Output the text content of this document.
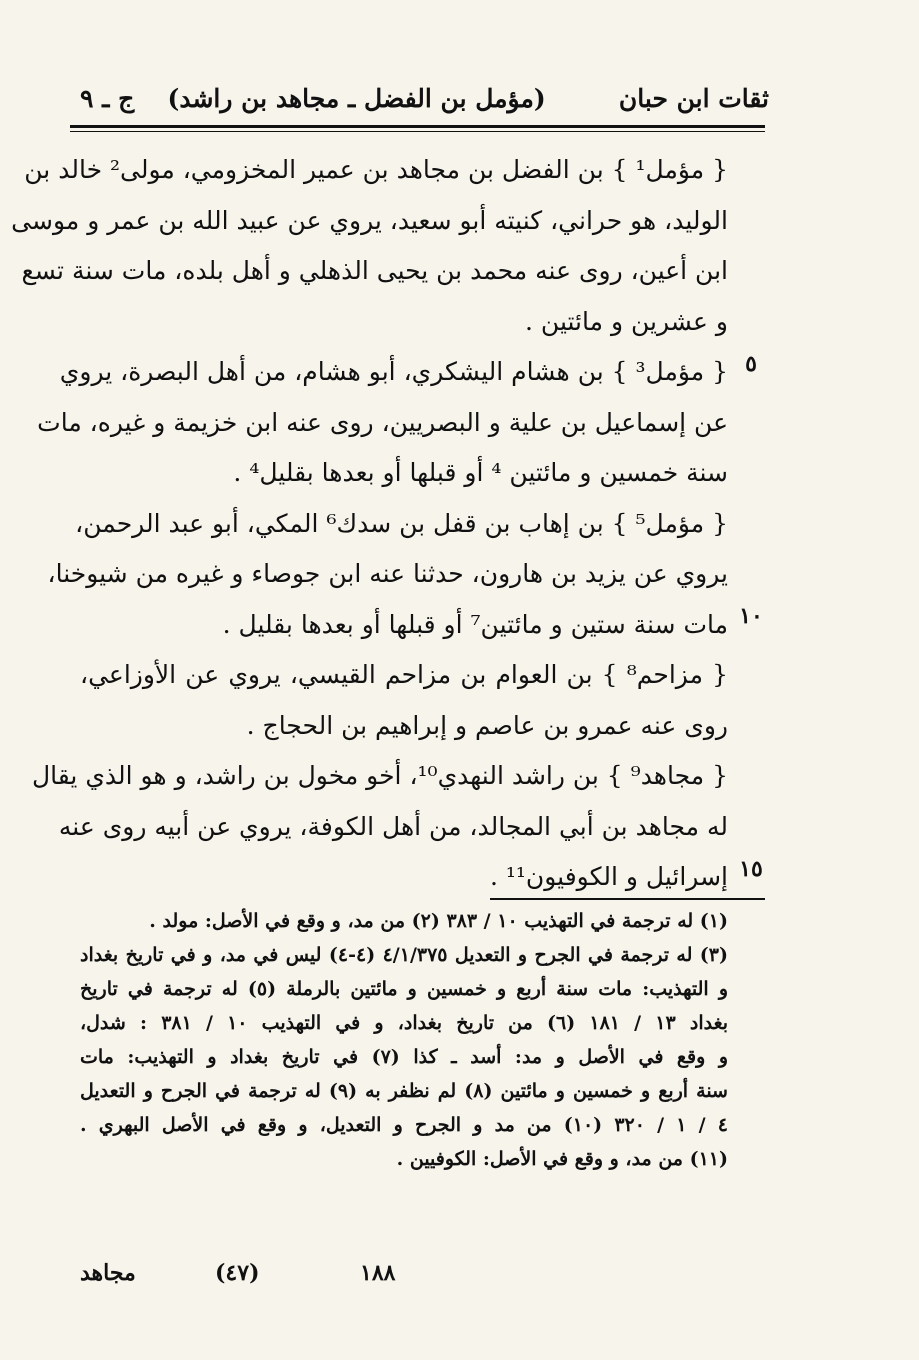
ثقات ابن حبان
(مؤمل بن الفضل ـ مجاهد بن راشد)
ج ـ ٩
٥
١٠
١٥
{ مؤمل¹ } بن الفضل بن مجاهد بن عمير المخزومي، مولى² خالد بن
الوليد، هو حراني، كنيته أبو سعيد، يروي عن عبيد الله بن عمر و موسى
ابن أعين، روى عنه محمد بن يحيى الذهلي و أهل بلده، مات سنة تسع
و عشرين و مائتين .
{ مؤمل³ } بن هشام اليشكري، أبو هشام، من أهل البصرة، يروي
عن إسماعيل بن علية و البصريين، روى عنه ابن خزيمة و غيره، مات
سنة خمسين و مائتين ⁴ أو قبلها أو بعدها بقليل⁴ .
{ مؤمل⁵ } بن إهاب بن قفل بن سدك⁶ المكي، أبو عبد الرحمن،
يروي عن يزيد بن هارون، حدثنا عنه ابن جوصاء و غيره من شيوخنا،
مات سنة ستين و مائتين⁷ أو قبلها أو بعدها بقليل .
{ مزاحم⁸ } بن العوام بن مزاحم القيسي، يروي عن الأوزاعي،
روى عنه عمرو بن عاصم و إبراهيم بن الحجاج .
{ مجاهد⁹ } بن راشد النهدي¹⁰، أخو مخول بن راشد، و هو الذي يقال
له مجاهد بن أبي المجالد، من أهل الكوفة، يروي عن أبيه روى عنه
إسرائيل و الكوفيون¹¹ .
(١) له ترجمة في التهذيب ١٠ / ٣٨٣ (٢) من مد، و وقع في الأصل: مولد .
(٣) له ترجمة في الجرح و التعديل ٤/١/٣٧٥ (٤-٤) ليس في مد، و في تاريخ بغداد
و التهذيب: مات سنة أربع و خمسين و مائتين بالرملة (٥) له ترجمة في تاريخ
بغداد ١٣ / ١٨١ (٦) من تاريخ بغداد، و في التهذيب ١٠ / ٣٨١ : شدل،
و وقع في الأصل و مد: أسد ـ كذا (٧) في تاريخ بغداد و التهذيب: مات
سنة أربع و خمسين و مائتين (٨) لم نظفر به (٩) له ترجمة في الجرح و التعديل
٤ / ١ / ٣٢٠ (١٠) من مد و الجرح و التعديل، و وقع في الأصل البهري .
(١١) من مد، و وقع في الأصل: الكوفيين .
مجاهد	(٤٧)	١٨٨
